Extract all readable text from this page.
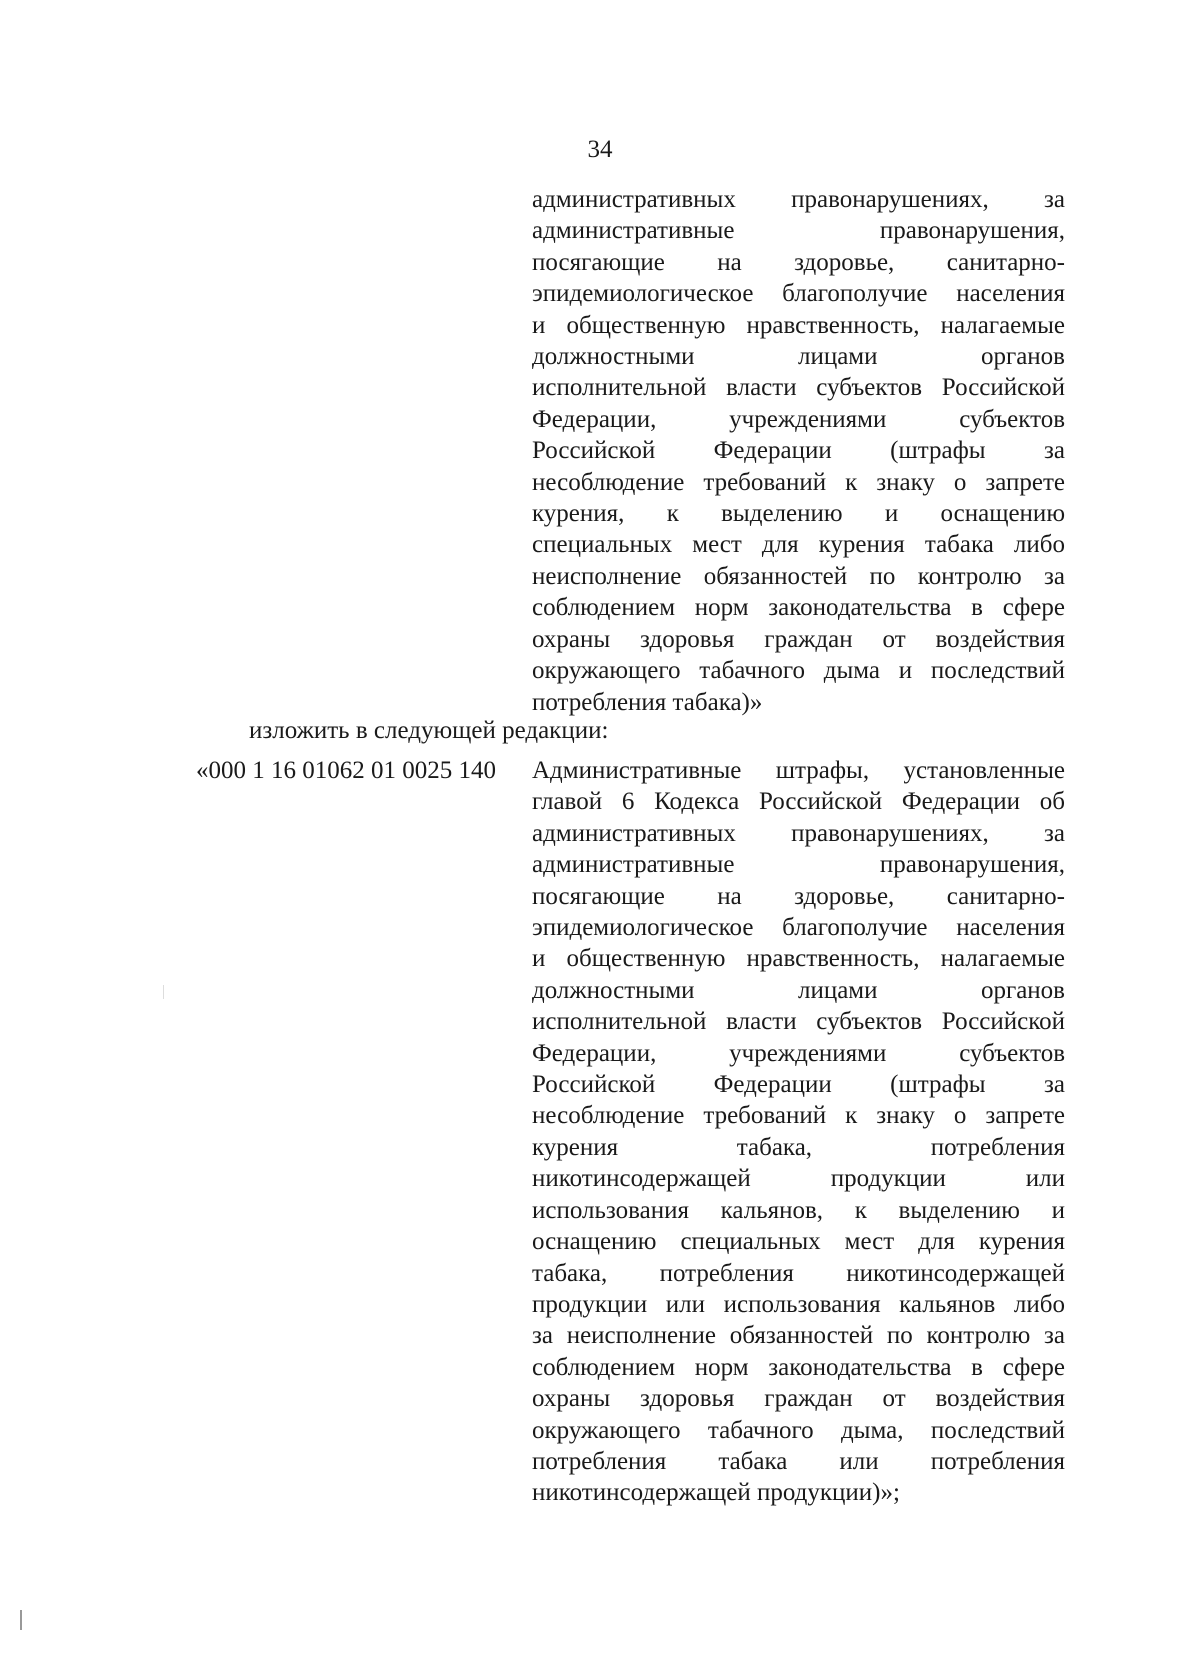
34
административных правонарушениях, за
административные правонарушения,
посягающие на здоровье, санитарно-
эпидемиологическое благополучие населения
и общественную нравственность, налагаемые
должностными лицами органов
исполнительной власти субъектов Российской
Федерации, учреждениями субъектов
Российской Федерации (штрафы за
несоблюдение требований к знаку о запрете
курения, к выделению и оснащению
специальных мест для курения табака либо
неисполнение обязанностей по контролю за
соблюдением норм законодательства в сфере
охраны здоровья граждан от воздействия
окружающего табачного дыма и последствий
потребления табака)»
изложить в следующей редакции:
«000 1 16 01062 01 0025 140 Административные штрафы, установленные
главой 6 Кодекса Российской Федерации об
административных правонарушениях, за
административные правонарушения,
посягающие на здоровье, санитарно-
эпидемиологическое благополучие населения
и общественную нравственность, налагаемые
должностными лицами органов
исполнительной власти субъектов Российской
Федерации, учреждениями субъектов
Российской Федерации (штрафы за
несоблюдение требований к знаку о запрете
курения табака, потребления
никотинсодержащей продукции или
использования кальянов, к выделению и
оснащению специальных мест для курения
табака, потребления никотинсодержащей
продукции или использования кальянов либо
за неисполнение обязанностей по контролю за
соблюдением норм законодательства в сфере
охраны здоровья граждан от воздействия
окружающего табачного дыма, последствий
потребления табака или потребления
никотинсодержащей продукции)»;
